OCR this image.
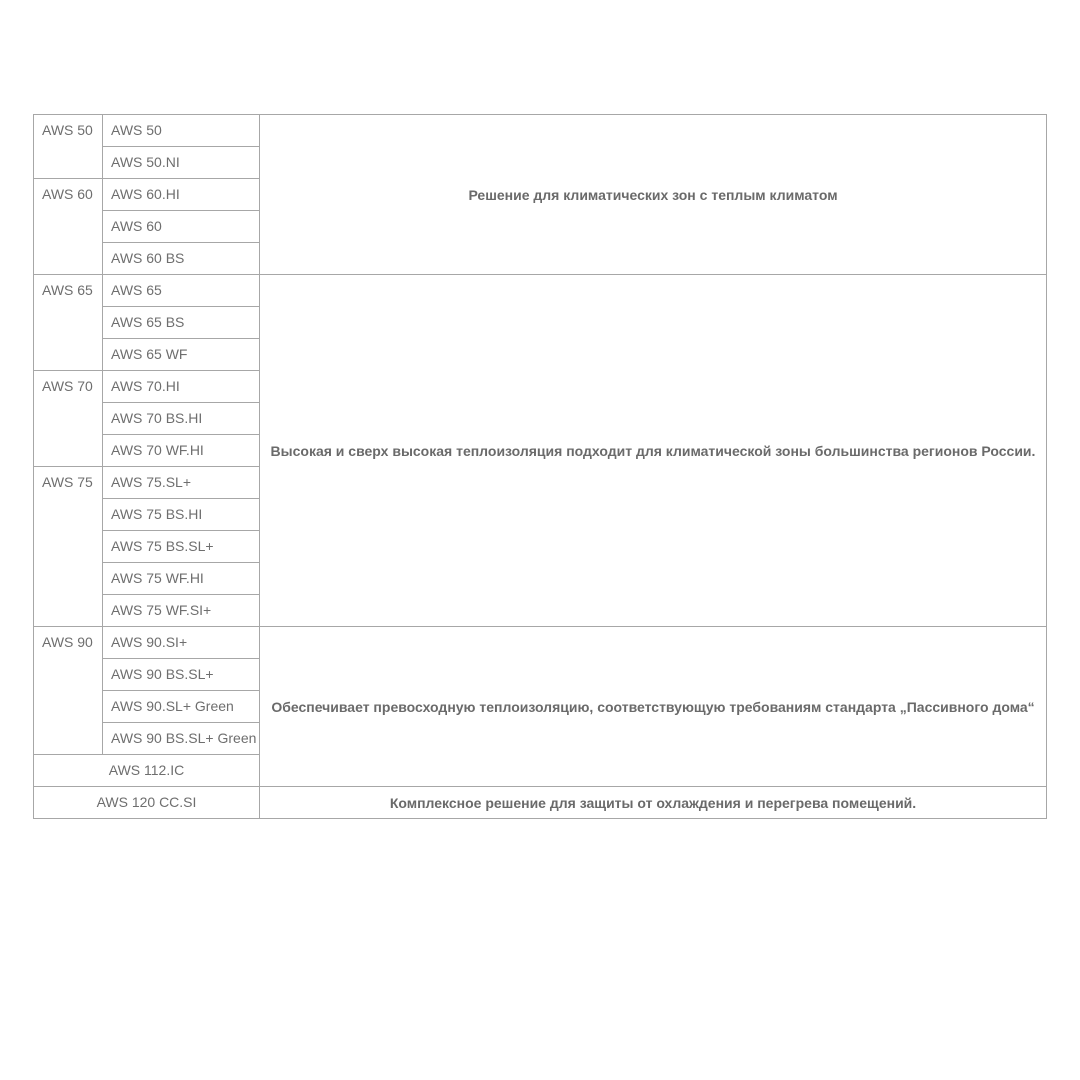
AWS 50	AWS 50	Решение для климатических зон с теплым климатом
	AWS 50.NI	
AWS 60	AWS 60.HI	
	AWS 60	
	AWS 60 BS	
AWS 65	AWS 65	Высокая и сверх высокая теплоизоляция подходит для климатической зоны большинства регионов России.
	AWS 65 BS	
	AWS 65 WF	
AWS 70	AWS 70.HI	
	AWS 70 BS.HI	
	AWS 70 WF.HI	
AWS 75	AWS 75.SL+	
	AWS 75 BS.HI	
	AWS 75 BS.SL+	
	AWS 75 WF.HI	
	AWS 75 WF.SI+	
AWS 90	AWS 90.SI+	Обеспечивает превосходную теплоизоляцию, соответствующую требованиям стандарта „Пассивного дома“
	AWS 90 BS.SL+	
	AWS 90.SL+ Green	
	AWS 90 BS.SL+ Green	
AWS 112.IC		
AWS 120 CC.SI		Комплексное решение для защиты от охлаждения и перегрева помещений.
